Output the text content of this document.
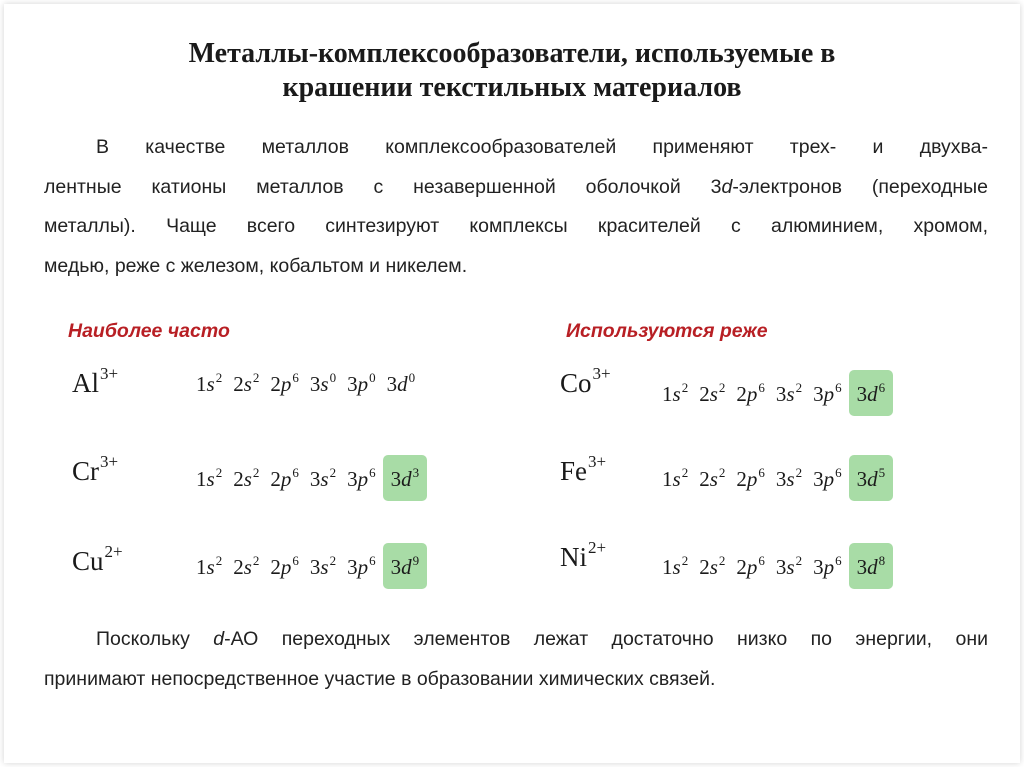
Металлы-комплексообразователи, используемые в
крашении текстильных материалов
В качестве металлов комплексообразователей применяют трех- и двухва-
лентные катионы металлов с незавершенной оболочкой 3d-электронов (переходные
металлы). Чаще всего синтезируют комплексы красителей с алюминием, хромом,
медью, реже с железом, кобальтом и никелем.
Наиболее часто	Используются реже
$Al^{3+}$	$1s^2$ $2s^2$ $2p^6$ $3s^0$ $3p^0$ $3d^0$
$Cr^{3+}$
$1s^2$ $2s^2$ $2p^6$ $3s^2$ $3p^6$ $3d^3$
$Cu^{2+}$
$1s^2$ $2s^2$ $2p^6$ $3s^2$ $3p^6$ $3d^9$
$Co^{3+}$
$1s^2$ $2s^2$ $2p^6$ $3s^2$ $3p^6$ $3d^6$
$Fe^{3+}$
$1s^2$ $2s^2$ $2p^6$ $3s^2$ $3p^6$ $3d^5$
$Ni^{2+}$
$1s^2$ $2s^2$ $2p^6$ $3s^2$ $3p^6$ $3d^8$
Поскольку d-АО переходных элементов лежат достаточно низко по энергии, они
принимают непосредственное участие в образовании химических связей.
